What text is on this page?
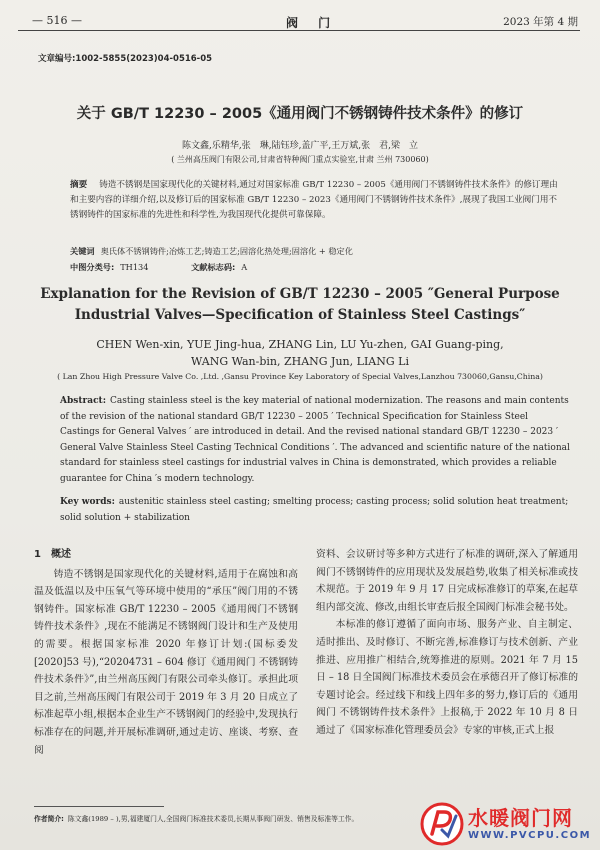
— 516 —	阀 门	2023 年第 4 期
文章编号:1002-5855(2023)04-0516-05
关于 GB/T 12230 – 2005《通用阀门不锈钢铸件技术条件》的修订
陈文鑫,乐精华,张　琳,陆钰珍,盖广平,王万斌,张　君,梁　立
( 兰州高压阀门有限公司,甘肃省特种阀门重点实验室,甘肃 兰州 730060)
摘要 铸造不锈钢是国家现代化的关键材料,通过对国家标准 GB/T 12230 – 2005《通用阀门不锈钢铸件技术条件》的修订理由和主要内容的详细介绍,以及修订后的国家标准 GB/T 12230 – 2023《通用阀门不锈钢铸件技术条件》,展现了我国工业阀门用不锈钢铸件的国家标准的先进性和科学性,为我国现代化提供可靠保障。
关键词 奥氏体不锈钢铸件;冶炼工艺;铸造工艺;固溶化热处理;固溶化 + 稳定化
中图分类号: TH134	文献标志码: A
Explanation for the Revision of GB/T 12230 – 2005 ″General Purpose Industrial Valves—Specification of Stainless Steel Castings″
CHEN Wen-xin, YUE Jing-hua, ZHANG Lin, LU Yu-zhen, GAI Guang-ping,
WANG Wan-bin, ZHANG Jun, LIANG Li
( Lan Zhou High Pressure Valve Co. ,Ltd. ,Gansu Province Key Laboratory of Special Valves,Lanzhou 730060,Gansu,China)
Abstract: Casting stainless steel is the key material of national modernization. The reasons and main contents of the revision of the national standard GB/T 12230 – 2005 ′ Technical Specification for Stainless Steel Castings for General Valves ′ are introduced in detail. And the revised national standard GB/T 12230 – 2023 ′ General Valve Stainless Steel Casting Technical Conditions ′. The advanced and scientific nature of the national standard for stainless steel castings for industrial valves in China is demonstrated, which provides a reliable guarantee for China ′s modern technology.
Key words: austenitic stainless steel casting; smelting process; casting process; solid solution heat treatment; solid solution + stabilization
1 概述

铸造不锈钢是国家现代化的关键材料,适用于在腐蚀和高温及低温以及中压氧气等环境中使用的“承压”阀门用的不锈钢铸件。国家标准 GB/T 12230 – 2005《通用阀门不锈钢铸件技术条件》,现在不能满足不锈钢阀门设计和生产及使用的需要。根据国家标准 2020 年修订计划:(国标委发[2020]53 号),“20204731 – 604 修订《通用阀门 不锈钢铸件技术条件》”,由兰州高压阀门有限公司牵头修订。承担此项目之前,兰州高压阀门有限公司于 2019 年 3 月 20 日成立了标准起草小组,根据本企业生产不锈钢阀门的经验中,发现执行标准存在的问题,并开展标准调研,通过走访、座谈、考察、查阅

资料、会议研讨等多种方式进行了标准的调研,深入了解通用阀门不锈钢铸件的应用现状及发展趋势,收集了相关标准或技术规范。于 2019 年 9 月 17 日完成标准修订的草案,在起草组内部交流、修改,由组长审查后报全国阀门标准会秘书处。

本标准的修订遵循了面向市场、服务产业、自主制定、适时推出、及时修订、不断完善,标准修订与技术创新、产业推进、应用推广相结合,统筹推进的原则。2021 年 7 月 15 日 – 18 日全国阀门标准技术委员会在承德召开了修订标准的专题讨论会。经过线下和线上四年多的努力,修订后的《通用阀门 不锈钢铸件技术条件》上报稿,于 2022 年 10 月 8 日通过了《国家标准化管理委员会》专家的审核,正式上报

作者简介: 陈文鑫(1989 – ),男,福建厦门人,全国阀门标准技术委员,长期从事阀门研发、销售及标准等工作。	水暖阀门网
WWW.PVCPU.COM
